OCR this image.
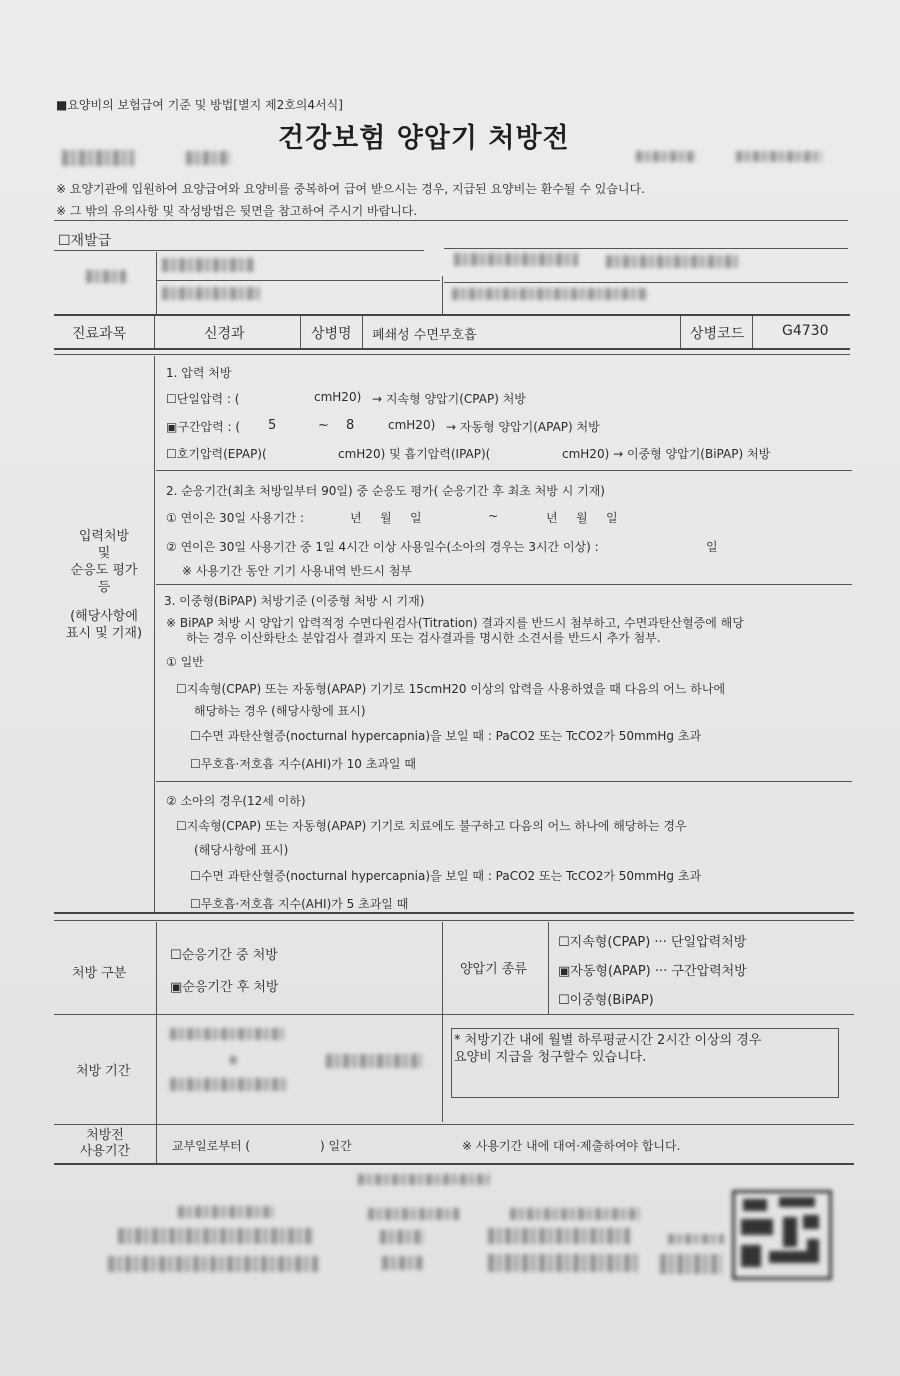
■요양비의 보험급여 기준 및 방법[별지 제2호의4서식]
건강보험 양압기 처방전
※ 요양기관에 입원하여 요양급여와 요양비를 중복하여 급여 받으시는 경우, 지급된 요양비는 환수될 수 있습니다.
※ 그 밖의 유의사항 및 작성방법은 뒷면을 참고하여 주시기 바랍니다.
☐재발급
진료과목	신경과	상병명 폐쇄성 수면무호흡	상병코드	G4730
입력처방
및
순응도 평가
등
(해당사항에
표시 및 기재)
1. 압력 처방
☐단일압력 : (	cmH20) → 지속형 양압기(CPAP) 처방
▣구간압력 : ( 5	~ 8	cmH20) → 자동형 양압기(APAP) 처방
☐호기압력(EPAP)(	cmH20) 및 흡기압력(IPAP)(	cmH20) → 이중형 양압기(BiPAP) 처방
2. 순응기간(최초 처방일부터 90일) 중 순응도 평가( 순응기간 후 최초 처방 시 기재)
① 연이은 30일 사용기간 :	년 월 일	~	년 월 일
② 연이은 30일 사용기간 중 1일 4시간 이상 사용일수(소아의 경우는 3시간 이상) :	일
※ 사용기간 동안 기기 사용내역 반드시 첨부
3. 이중형(BiPAP) 처방기준 (이중형 처방 시 기재)
※ BiPAP 처방 시 양압기 압력적정 수면다원검사(Titration) 결과지를 반드시 첨부하고, 수면과탄산혈증에 해당
하는 경우 이산화탄소 분압검사 결과지 또는 검사결과를 명시한 소견서를 반드시 추가 첨부.
① 일반
☐지속형(CPAP) 또는 자동형(APAP) 기기로 15cmH20 이상의 압력을 사용하였을 때 다음의 어느 하나에
해당하는 경우 (해당사항에 표시)
☐수면 과탄산혈증(nocturnal hypercapnia)을 보일 때 : PaCO2 또는 TcCO2가 50mmHg 초과
☐무호흡·저호흡 지수(AHI)가 10 초과일 때
② 소아의 경우(12세 이하)
☐지속형(CPAP) 또는 자동형(APAP) 기기로 치료에도 불구하고 다음의 어느 하나에 해당하는 경우
(해당사항에 표시)
☐수면 과탄산혈증(nocturnal hypercapnia)을 보일 때 : PaCO2 또는 TcCO2가 50mmHg 초과
☐무호흡·저호흡 지수(AHI)가 5 초과일 때
처방 구분
☐순응기간 중 처방
▣순응기간 후 처방
양압기 종류
☐지속형(CPAP) ··· 단일압력처방
▣자동형(APAP) ··· 구간압력처방
☐이중형(BiPAP)
처방 기간
* 처방기간 내에 월별 하루평균시간 2시간 이상의 경우
요양비 지급을 청구할수 있습니다.
처방전
사용기간	교부일로부터 (	) 일간	※ 사용기간 내에 대여·제출하여야 합니다.
